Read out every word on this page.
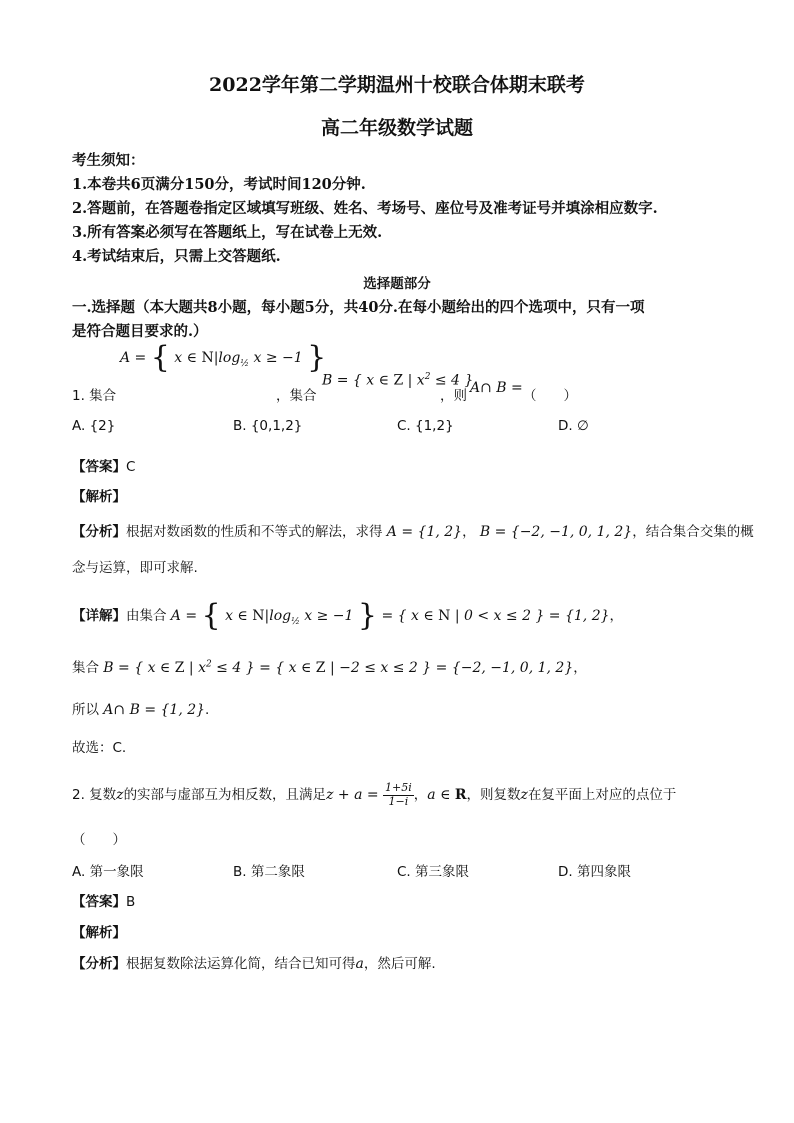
2022学年第二学期温州十校联合体期末联考
高二年级数学试题
考生须知：
1.本卷共6页满分150分，考试时间120分钟.
2.答题前，在答题卷指定区域填写班级、姓名、考场号、座位号及准考证号并填涂相应数字.
3.所有答案必须写在答题纸上，写在试卷上无效.
4.考试结束后，只需上交答题纸.
选择题部分
一.选择题（本大题共8小题，每小题5分，共40分.在每小题给出的四个选项中，只有一项
是符合题目要求的.）
1. 集合
A = { x ∈ $N|\log_{\frac{1}{2}}$ x ≥ −1 }
，集合
B = { x ∈ Z | $x^2 \le 4$ }
，则 A∩ B = （　　）
A. {2}	B. {0,1,2}	C. {1,2}	D. ∅
【答案】C
【解析】
【分析】根据对数函数的性质和不等式的解法，求得 A = {1, 2}， B = {−2, −1, 0, 1, 2}，结合集合交集的概
念与运算，即可求解.
【详解】由集合 A = { x ∈ $N|\log_{\frac{1}{2}}$ x ≥ −1 } = { x ∈ N | 0 < x ≤ 2 } = {1, 2}，
集合 B = { x ∈ Z | $x^2 \le 4$ } = { x ∈ Z | −2 ≤ x ≤ 2 } = {−2, −1, 0, 1, 2}，
所以 A∩ B = {1, 2}.
故选：C.
2. 复数z的实部与虚部互为相反数，且满足$z + a = \frac{1+5i}{1-i}$ ，a ∈ R，则复数z在复平面上对应的点位于
（　　）
A. 第一象限	B. 第二象限	C. 第三象限	D. 第四象限
【答案】B
【解析】
【分析】根据复数除法运算化简，结合已知可得a，然后可解.
